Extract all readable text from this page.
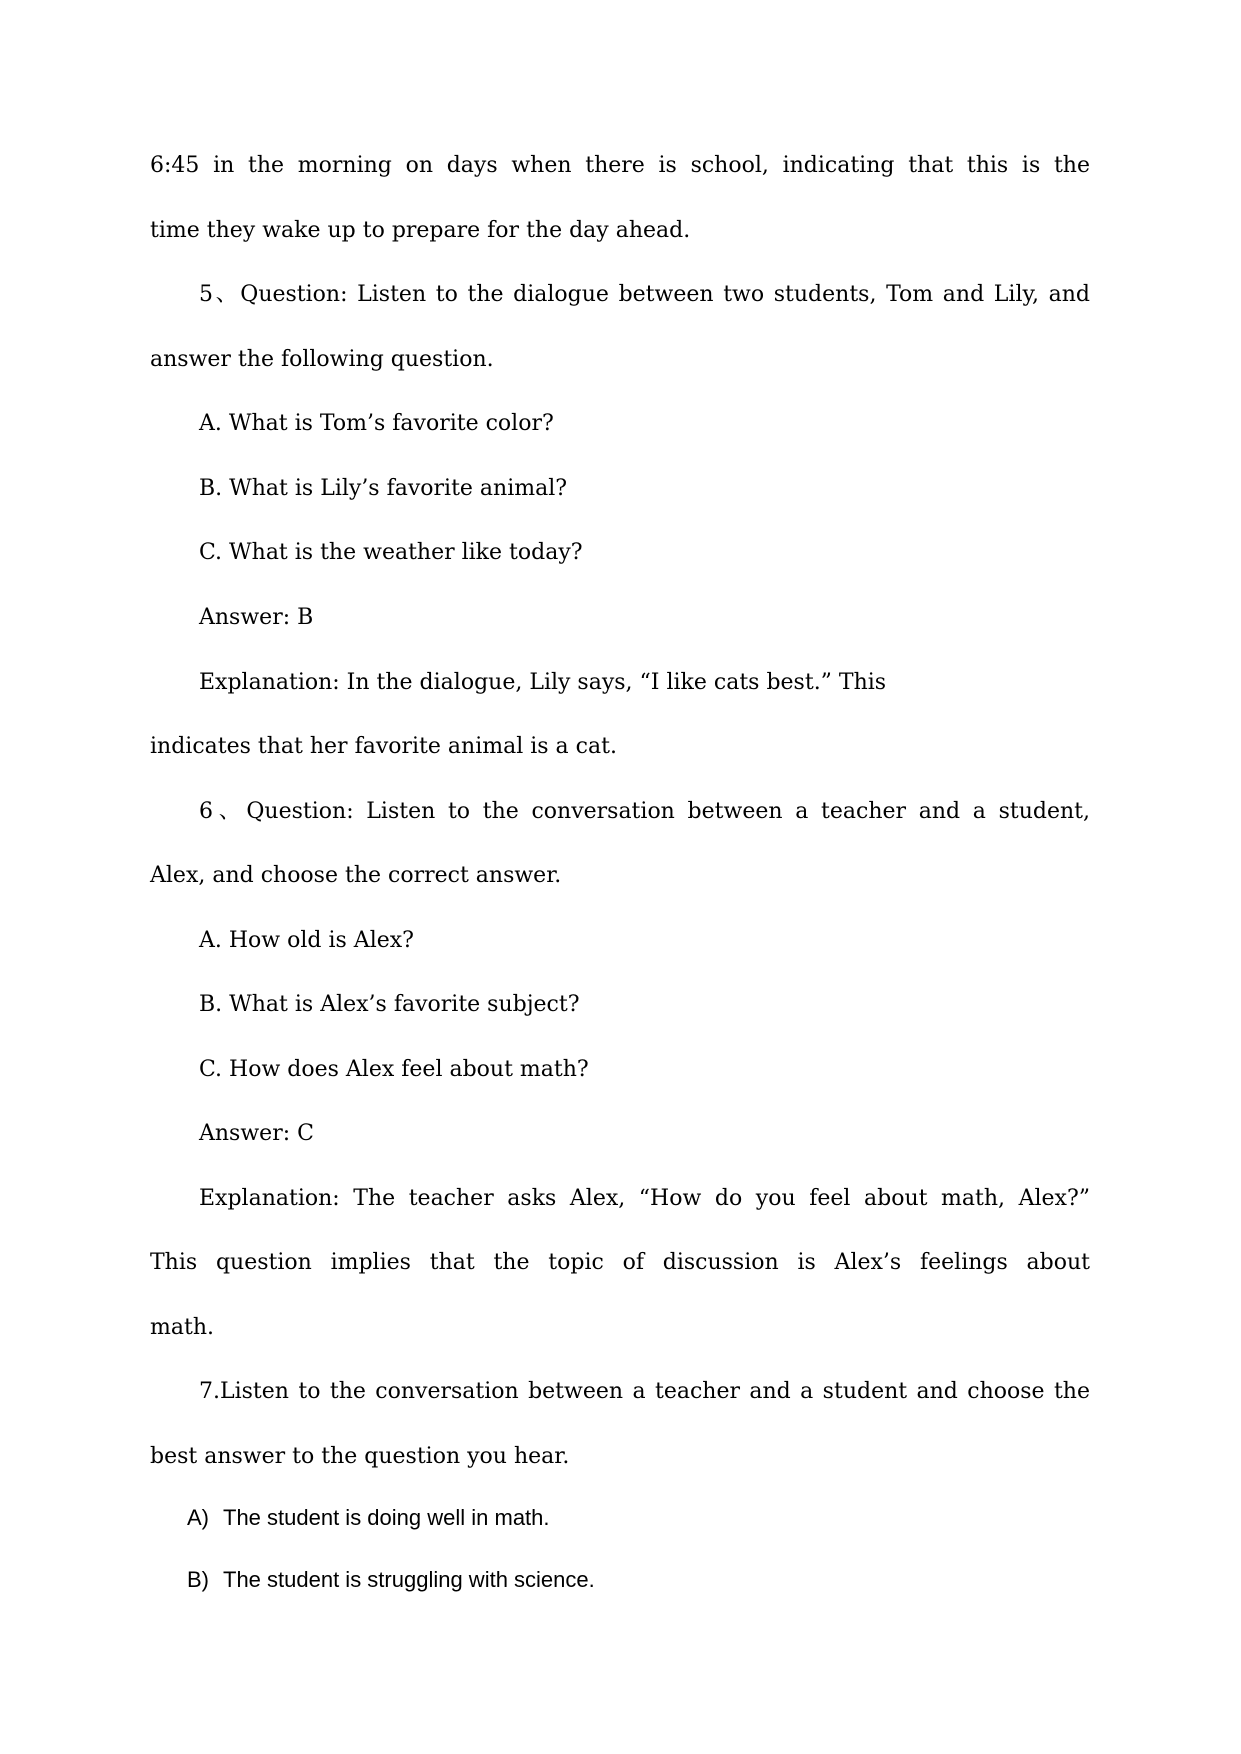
6:45 in the morning on days when there is school, indicating that this is the
time they wake up to prepare for the day ahead.
5、Question: Listen to the dialogue between two students, Tom and Lily, and
answer the following question.
A. What is Tom’s favorite color?
B. What is Lily’s favorite animal?
C. What is the weather like today?
Answer: B
Explanation: In the dialogue, Lily says, “I like cats best.” This
indicates that her favorite animal is a cat.
6、Question: Listen to the conversation between a teacher and a student,
Alex, and choose the correct answer.
A. How old is Alex?
B. What is Alex’s favorite subject?
C. How does Alex feel about math?
Answer: C
Explanation: The teacher asks Alex, “How do you feel about math, Alex?”
This question implies that the topic of discussion is Alex’s feelings about
math.
7.Listen to the conversation between a teacher and a student and choose the
best answer to the question you hear.
A) The student is doing well in math.
B) The student is struggling with science.
